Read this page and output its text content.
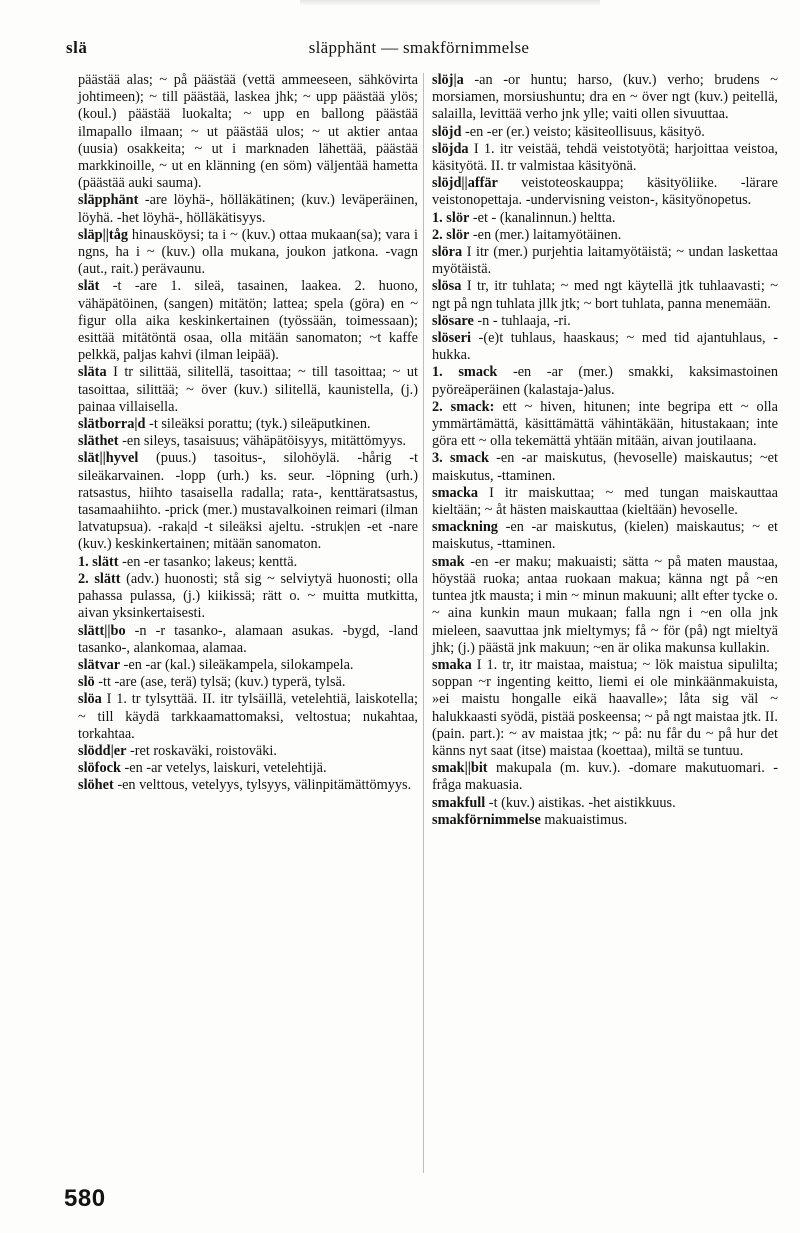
slä	släpphänt — smakförnimmelse

päästää alas; ~ på päästää (vettä ammeeseen, sähkövirta johtimeen); ~ till päästää, laskea jhk; ~ upp päästää ylös; (koul.) päästää luokalta; ~ upp en ballong päästää ilmapallo ilmaan; ~ ut päästää ulos; ~ ut aktier antaa (uusia) osakkeita; ~ ut i marknaden lähettää, päästää markkinoille, ~ ut en klänning (en söm) väljentää hametta (päästää auki sauma).

släpphänt -are löyhä-, hölläkätinen; (kuv.) leväperäinen, löyhä. -het löyhä-, hölläkätisyys.

släp||tåg hinausköysi; ta i ~ (kuv.) ottaa mukaan(sa); vara i ngns, ha i ~ (kuv.) olla mukana, joukon jatkona. -vagn (aut., rait.) perävaunu.

slät -t -are 1. sileä, tasainen, laakea. 2. huono, vähäpätöinen, (sangen) mitätön; lattea; spela (göra) en ~ figur olla aika keskinkertainen (työssään, toimessaan); esittää mitätöntä osaa, olla mitään sanomaton; ~t kaffe pelkkä, paljas kahvi (ilman leipää).

släta I tr silittää, silitellä, tasoittaa; ~ till tasoittaa; ~ ut tasoittaa, silittää; ~ över (kuv.) silitellä, kaunistella, (j.) painaa villaisella.

slätborra|d -t sileäksi porattu; (tyk.) sileäputkinen.

släthet -en sileys, tasaisuus; vähäpätöisyys, mitättömyys.

slät||hyvel (puus.) tasoitus-, silohöylä. -hårig -t sileäkarvainen. -lopp (urh.) ks. seur. -löpning (urh.) ratsastus, hiihto tasaisella radalla; rata-, kenttäratsastus, tasamaahiihto. -prick (mer.) mustavalkoinen reimari (ilman latvatupsua). -raka|d -t sileäksi ajeltu. -struk|en -et -nare (kuv.) keskinkertainen; mitään sanomaton.

1. slätt -en -er tasanko; lakeus; kenttä.

2. slätt (adv.) huonosti; stå sig ~ selviytyä huonosti; olla pahassa pulassa, (j.) kiikissä; rätt o. ~ muitta mutkitta, aivan yksinkertaisesti.

slätt||bo -n -r tasanko-, alamaan asukas. -bygd, -land tasanko-, alankomaa, alamaa.

slätvar -en -ar (kal.) sileäkampela, silokampela.

slö -tt -are (ase, terä) tylsä; (kuv.) typerä, tylsä.

slöa I 1. tr tylsyttää. II. itr tylsäillä, vetelehtiä, laiskotella; ~ till käydä tarkkaamattomaksi, veltostua; nukahtaa, torkahtaa.

slödd|er -ret roskaväki, roistoväki.

slöfock -en -ar vetelys, laiskuri, vetelehtijä.

slöhet -en velttous, vetelyys, tylsyys, välinpitämättömyys.

slöj|a -an -or huntu; harso, (kuv.) verho; brudens ~ morsiamen, morsiushuntu; dra en ~ över ngt (kuv.) peitellä, salailla, levittää verho jnk ylle; vaiti ollen sivuuttaa.

slöjd -en -er (er.) veisto; käsiteollisuus, käsityö.

slöjda I 1. itr veistää, tehdä veistotyötä; harjoittaa veistoa, käsityötä. II. tr valmistaa käsityönä.

slöjd||affär veistoteoskauppa; käsityöliike. -lärare veistonopettaja. -undervisning veiston-, käsityönopetus.

1. slör -et - (kanalinnun.) heltta.

2. slör -en (mer.) laitamyötäinen.

slöra I itr (mer.) purjehtia laitamyötäistä; ~ undan laskettaa myötäistä.

slösa I tr, itr tuhlata; ~ med ngt käytellä jtk tuhlaavasti; ~ ngt på ngn tuhlata jllk jtk; ~ bort tuhlata, panna menemään.

slösare -n - tuhlaaja, -ri.

slöseri -(e)t tuhlaus, haaskaus; ~ med tid ajantuhlaus, -hukka.

1. smack -en -ar (mer.) smakki, kaksimastoinen pyöreäperäinen (kalastaja-)alus.

2. smack: ett ~ hiven, hitunen; inte begripa ett ~ olla ymmärtämättä, käsittämättä vähintäkään, hitustakaan; inte göra ett ~ olla tekemättä yhtään mitään, aivan joutilaana.

3. smack -en -ar maiskutus, (hevoselle) maiskautus; ~et maiskutus, -ttaminen.

smacka I itr maiskuttaa; ~ med tungan maiskauttaa kieltään; ~ åt hästen maiskauttaa (kieltään) hevoselle.

smackning -en -ar maiskutus, (kielen) maiskautus; ~ et maiskutus, -ttaminen.

smak -en -er maku; makuaisti; sätta ~ på maten maustaa, höystää ruoka; antaa ruokaan makua; känna ngt på ~en tuntea jtk mausta; i min ~ minun makuuni; allt efter tycke o. ~ aina kunkin maun mukaan; falla ngn i ~en olla jnk mieleen, saavuttaa jnk mieltymys; få ~ för (på) ngt mieltyä jhk; (j.) päästä jnk makuun; ~en är olika makunsa kullakin.

smaka I 1. tr, itr maistaa, maistua; ~ lök maistua sipulilta; soppan ~r ingenting keitto, liemi ei ole minkäänmakuista, »ei maistu hongalle eikä haavalle»; låta sig väl ~ halukkaasti syödä, pistää poskeensa; ~ på ngt maistaa jtk. II. (pain. part.): ~ av maistaa jtk; ~ på: nu får du ~ på hur det känns nyt saat (itse) maistaa (koettaa), miltä se tuntuu.

smak||bit makupala (m. kuv.). -domare makutuomari. -fråga makuasia.

smakfull -t (kuv.) aistikas. -het aistikkuus.

smakförnimmelse makuaistimus.

580
